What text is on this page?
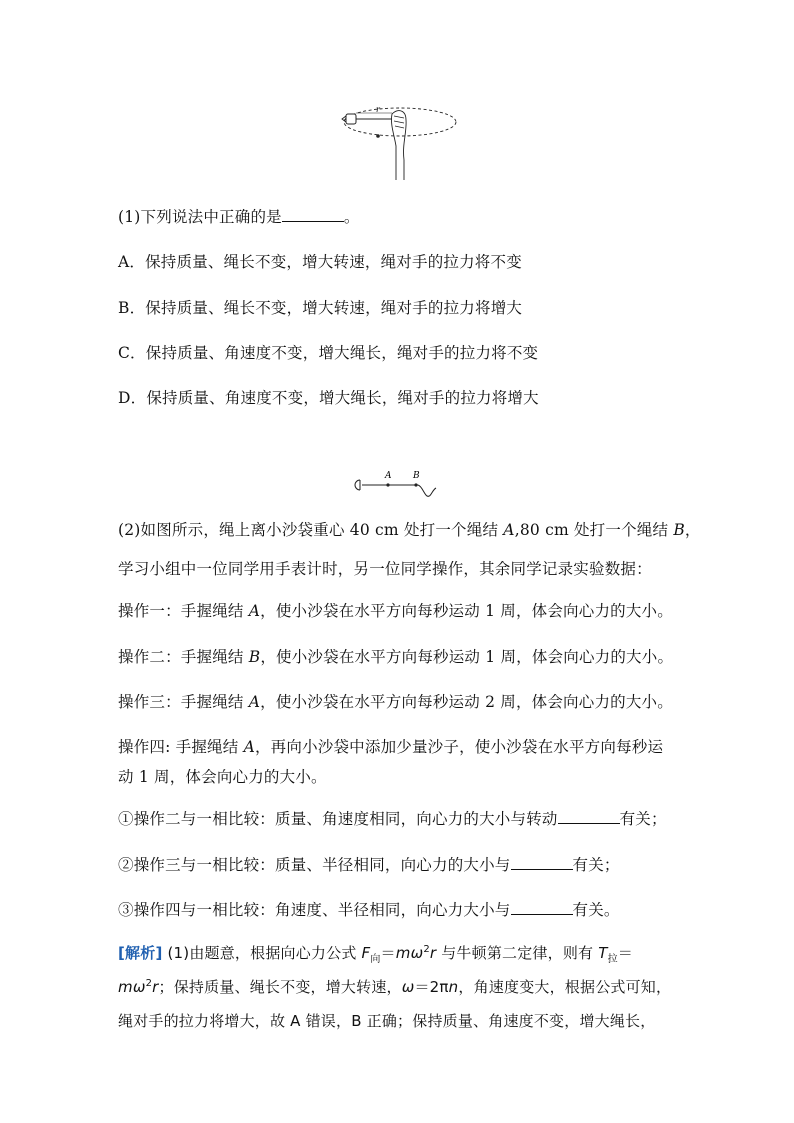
r
(1)下列说法中正确的是	。
A．保持质量、绳长不变，增大转速，绳对手的拉力将不变
B．保持质量、绳长不变，增大转速，绳对手的拉力将增大
C．保持质量、角速度不变，增大绳长，绳对手的拉力将不变
D．保持质量、角速度不变，增大绳长，绳对手的拉力将增大
A B
(2)如图所示，绳上离小沙袋重心 40 cm 处打一个绳结 A,80 cm 处打一个绳结 B，
学习小组中一位同学用手表计时，另一位同学操作，其余同学记录实验数据：
操作一：手握绳结 A，使小沙袋在水平方向每秒运动 1 周，体会向心力的大小。
操作二：手握绳结 B，使小沙袋在水平方向每秒运动 1 周，体会向心力的大小。
操作三：手握绳结 A，使小沙袋在水平方向每秒运动 2 周，体会向心力的大小。
操作四: 手握绳结 A，再向小沙袋中添加少量沙子，使小沙袋在水平方向每秒运
动 1 周，体会向心力的大小。
①操作二与一相比较：质量、角速度相同，向心力的大小与转动	有关；
②操作三与一相比较：质量、半径相同，向心力的大小与	有关；
③操作四与一相比较：角速度、半径相同，向心力大小与	有关。
[解析] (1)由题意，根据向心力公式 $F_向=m\omega^2r$ 与牛顿第二定律，则有 $T_拉=$
$m\omega^2r$；保持质量、绳长不变，增大转速，ω＝2πn，角速度变大，根据公式可知，
绳对手的拉力将增大，故 A 错误，B 正确；保持质量、角速度不变，增大绳长，
